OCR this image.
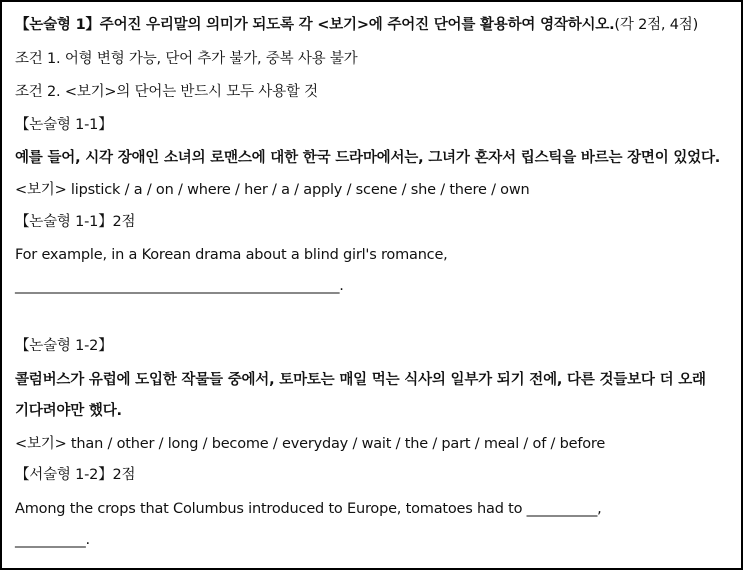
【논술형 1】주어진 우리말의 의미가 되도록 각 <보기>에 주어진 단어를 활용하여 영작하시오.(각 2점, 4점)
조건 1. 어형 변형 가능, 단어 추가 불가, 중복 사용 불가
조건 2. <보기>의 단어는 반드시 모두 사용할 것
【논술형 1-1】
예를 들어, 시각 장애인 소녀의 로맨스에 대한 한국 드라마에서는, 그녀가 혼자서 립스틱을 바르는 장면이 있었다.
<보기> lipstick / a / on / where / her / a / apply / scene / she / there / own
【논술형 1-1】2점
For example, in a Korean drama about a blind girl's romance,
______________________________________________.
【논술형 1-2】
콜럼버스가 유럽에 도입한 작물들 중에서, 토마토는 매일 먹는 식사의 일부가 되기 전에, 다른 것들보다 더 오래
기다려야만 했다.
<보기> than / other / long / become / everyday / wait / the / part / meal / of / before
【서술형 1-2】2점
Among the crops that Columbus introduced to Europe, tomatoes had to __________,
__________.
